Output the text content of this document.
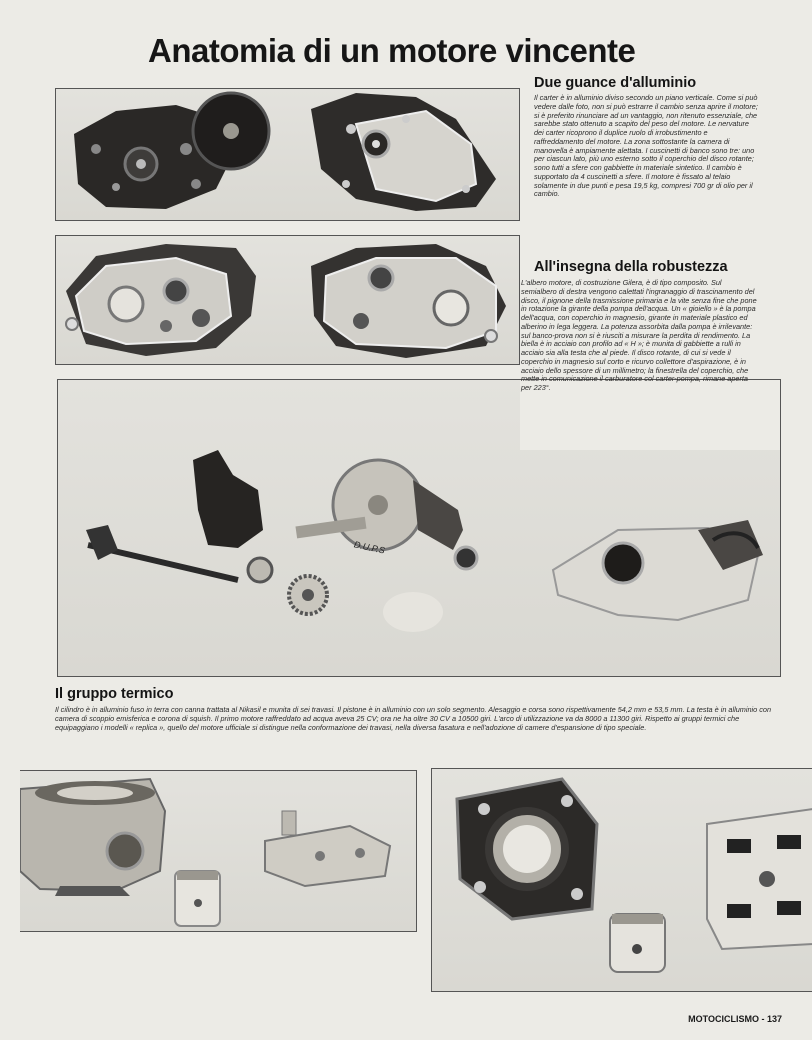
Anatomia di un motore vincente
D.U.P.S
Due guance d'alluminio

Il carter è in alluminio diviso secondo un piano verticale. Come si può vedere dalle foto, non si può estrarre il cambio senza aprire il motore; si è preferito rinunciare ad un vantaggio, non ritenuto essenziale, che sarebbe stato ottenuto a scapito del peso del motore. Le nervature dei carter ricoprono il duplice ruolo di irrobustimento e raffreddamento del motore. La zona sottostante la camera di manovella è ampiamente alettata. I cuscinetti di banco sono tre: uno per ciascun lato, più uno esterno sotto il coperchio del disco rotante; sono tutti a sfere con gabbiette in materiale sintetico. Il cambio è supportato da 4 cuscinetti a sfere. Il motore è fissato al telaio solamente in due punti e pesa 19,5 kg, compresi 700 gr di olio per il cambio.

All'insegna della robustezza

L'albero motore, di costruzione Gilera, è di tipo composito. Sul semialbero di destra vengono calettati l'ingranaggio di trascinamento del disco, il pignone della trasmissione primaria e la vite senza fine che pone in rotazione la girante della pompa dell'acqua. Un « gioiello » è la pompa dell'acqua, con coperchio in magnesio, girante in materiale plastico ed alberino in lega leggera. La potenza assorbita dalla pompa è irrilevante: sul banco-prova non si è riusciti a misurare la perdita di rendimento. La biella è in acciaio con profilo ad « H »; è munita di gabbiette a rulli in acciaio sia alla testa che al piede. Il disco rotante, di cui si vede il coperchio in magnesio sul corto e ricurvo collettore d'aspirazione, è in acciaio dello spessore di un millimetro; la finestrella del coperchio, che mette in comunicazione il carburatore col carter-pompa, rimane aperta per 223°.

Il gruppo termico

Il cilindro è in alluminio fuso in terra con canna trattata al Nikasil e munita di sei travasi. Il pistone è in alluminio con un solo segmento. Alesaggio e corsa sono rispettivamente 54,2 mm e 53,5 mm. La testa è in alluminio con camera di scoppio emisferica e corona di squish. Il primo motore raffreddato ad acqua aveva 25 CV; ora ne ha oltre 30 CV a 10500 giri. L'arco di utilizzazione va da 8000 a 11300 giri. Rispetto ai gruppi termici che equipaggiano i modelli « replica », quello del motore ufficiale si distingue nella conformazione dei travasi, nella diversa fasatura e nell'adozione di camere d'espansione di tipo speciale.

MOTOCICLISMO - 137
